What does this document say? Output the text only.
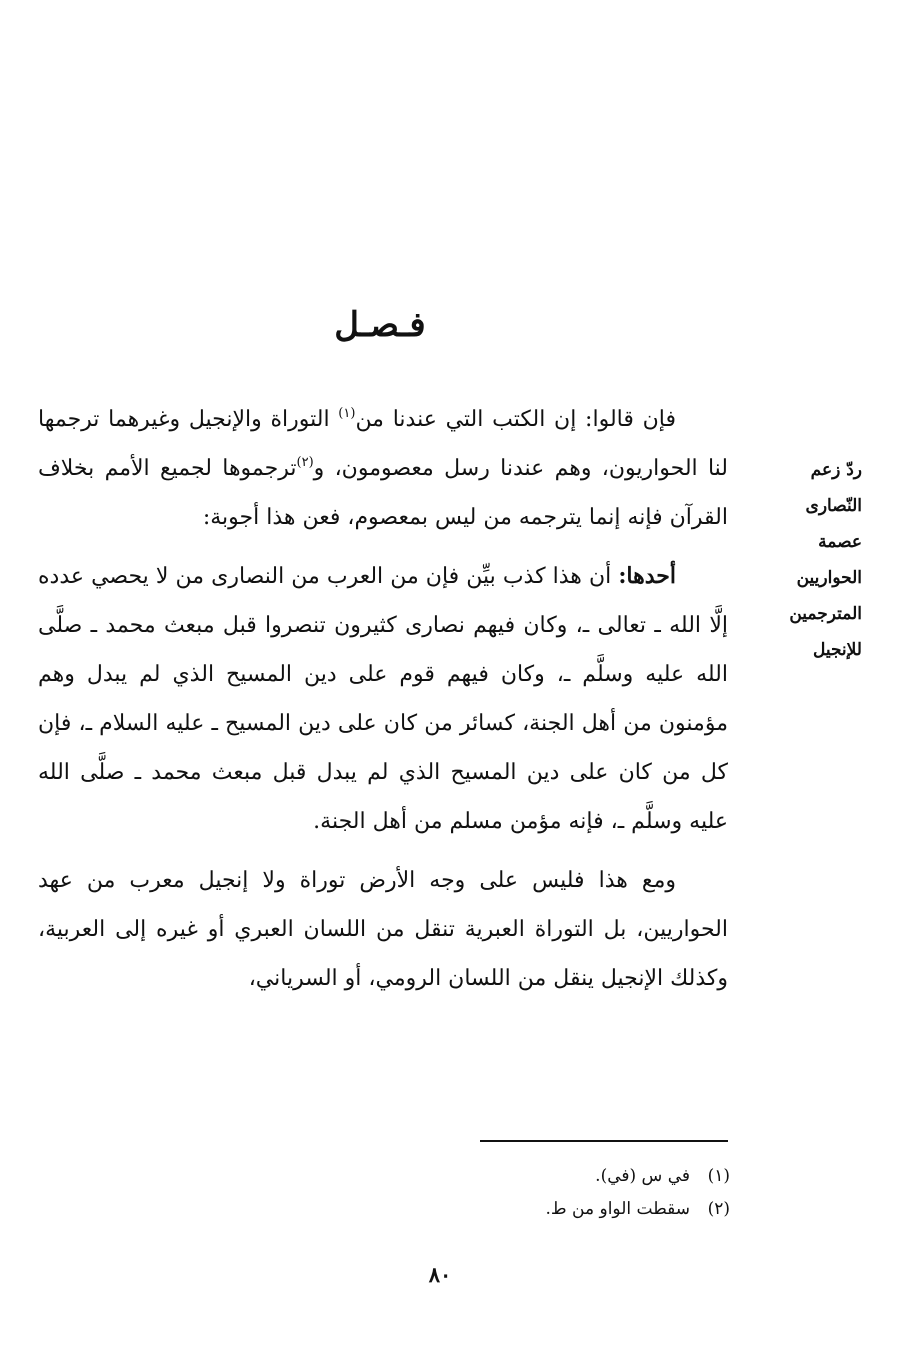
فـصـل
ردّ زعم
النّصارى
عصمة
الحواريين
المترجمين
للإنجيل

فإن قالوا: إن الكتب التي عندنا من$^{(١)}$ التوراة والإنجيل وغيرهما ترجمها لنا الحواريون، وهم عندنا رسل معصومون، و$^{(٢)}$ترجموها لجميع الأمم بخلاف القرآن فإنه إنما يترجمه من ليس بمعصوم، فعن هذا أجوبة:

أحدها: أن هذا كذب بيِّن فإن من العرب من النصارى من لا يحصي عدده إلَّا الله ـ تعالى ـ، وكان فيهم نصارى كثيرون تنصروا قبل مبعث محمد ـ صلَّى الله عليه وسلَّم ـ، وكان فيهم قوم على دين المسيح الذي لم يبدل وهم مؤمنون من أهل الجنة، كسائر من كان على دين المسيح ـ عليه السلام ـ، فإن كل من كان على دين المسيح الذي لم يبدل قبل مبعث محمد ـ صلَّى الله عليه وسلَّم ـ، فإنه مؤمن مسلم من أهل الجنة.

ومع هذا فليس على وجه الأرض توراة ولا إنجيل معرب من عهد الحواريين، بل التوراة العبرية تنقل من اللسان العبري أو غيره إلى العربية، وكذلك الإنجيل ينقل من اللسان الرومي، أو السرياني،

(١)في س (في).
(٢)سقطت الواو من ط.
٨٠
